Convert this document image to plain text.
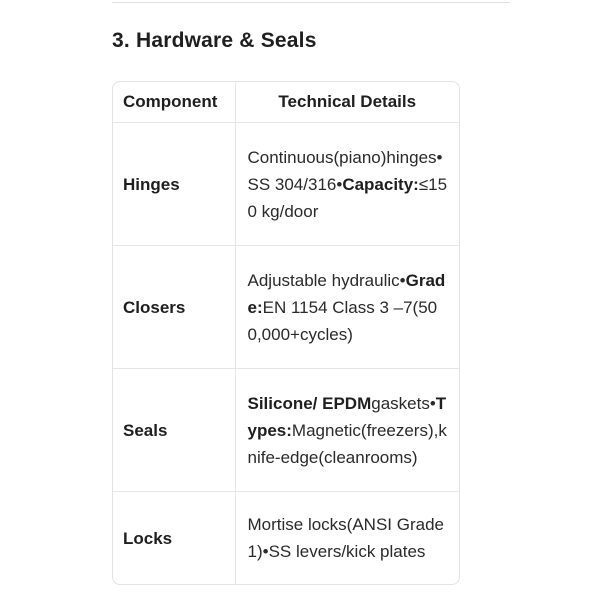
3. Hardware & Seals
Component	Technical Details
Hinges	Continuous(piano)hinges•SS 304/316•Capacity:≤150 kg/door
Closers	Adjustable hydraulic•Grade:EN 1154 Class 3 –7(500,000+cycles)
Seals	Silicone/ EPDMgaskets•Types:Magnetic(freezers),knife-edge(cleanrooms)
Locks	Mortise locks(ANSI Grade 1)•SS levers/kick plates
